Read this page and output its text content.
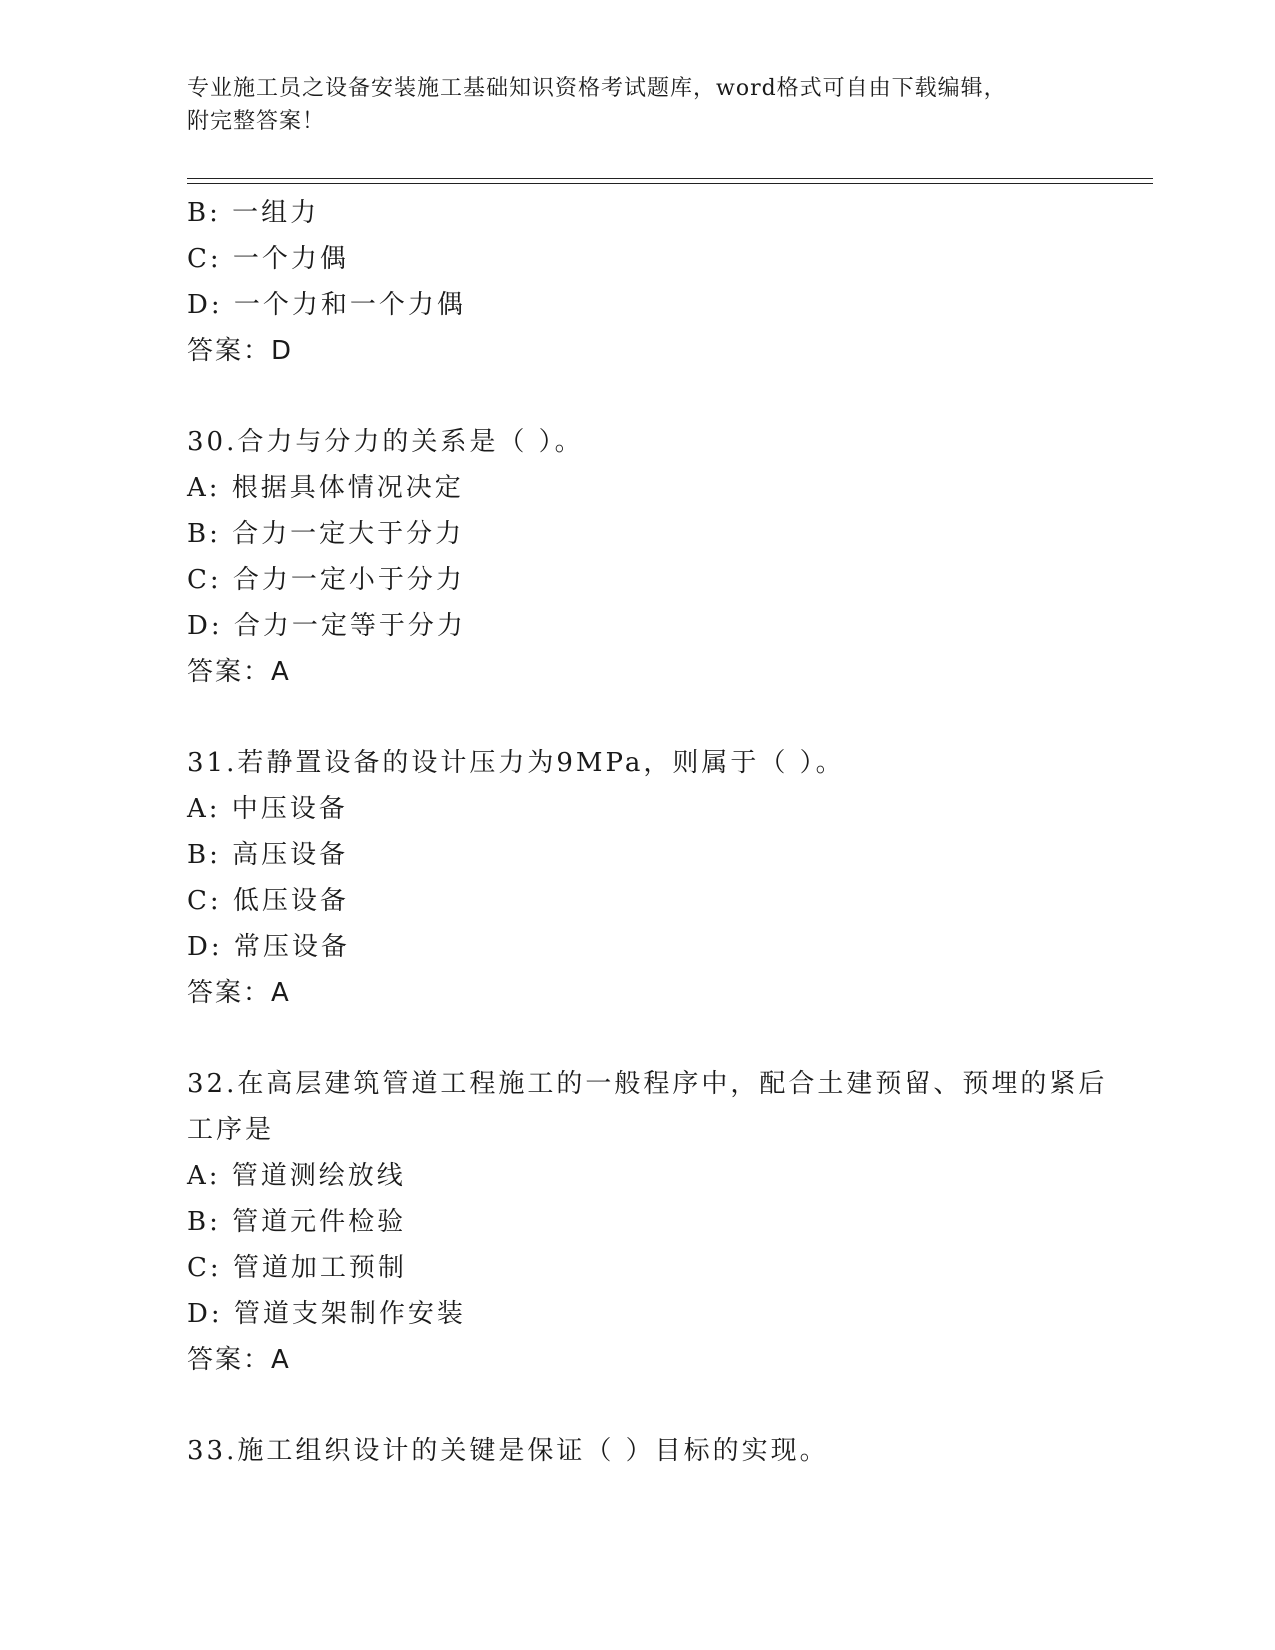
专业施工员之设备安装施工基础知识资格考试题库，word格式可自由下载编辑，
附完整答案！
B: 一组力
C: 一个力偶
D: 一个力和一个力偶
答案：D
30.合力与分力的关系是（ ）。
A: 根据具体情况决定
B: 合力一定大于分力
C: 合力一定小于分力
D: 合力一定等于分力
答案：A
31.若静置设备的设计压力为9MPa，则属于（ ）。
A: 中压设备
B: 高压设备
C: 低压设备
D: 常压设备
答案：A
32.在高层建筑管道工程施工的一般程序中，配合土建预留、预埋的紧后工序是
A: 管道测绘放线
B: 管道元件检验
C: 管道加工预制
D: 管道支架制作安装
答案：A
33.施工组织设计的关键是保证（ ）目标的实现。
